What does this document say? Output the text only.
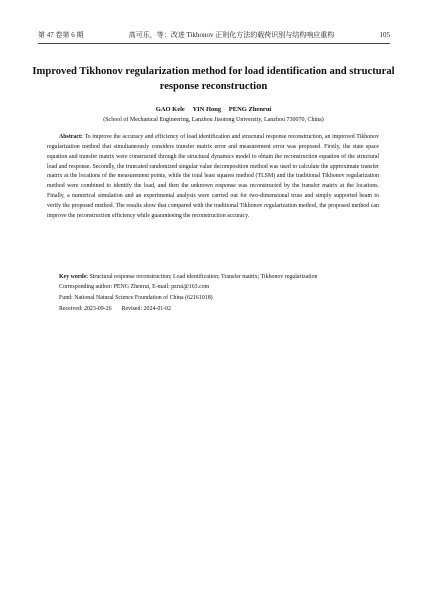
第 47 卷第 6 期	高可乐，等：改进 Tikhonov 正则化方法的载荷识别与结构响应重构	105
Improved Tikhonov regularization method for load identification and structural response reconstruction
GAO Kele YIN Hong PENG Zhenrui
(School of Mechanical Engineering, Lanzhou Jiaotong University, Lanzhou 730070, China)

Abstract: To improve the accuracy and efficiency of load identification and structural response reconstruction, an improved Tikhonov regularization method that simultaneously considers transfer matrix error and measurement error was proposed. Firstly, the state space equation and transfer matrix were constructed through the structural dynamics model to obtain the reconstruction equation of the structural load and response. Secondly, the truncated randomized singular value decomposition method was used to calculate the approximate transfer matrix at the locations of the measurement points, while the total least squares method (TLSM) and the traditional Tikhonov regularization method were combined to identify the load, and then the unknown response was reconstructed by the transfer matrix at the locations. Finally, a numerical simulation and an experimental analysis were carried out for two-dimensional truss and simply supported beam to verify the proposed method. The results show that compared with the traditional Tikhonov regularization method, the proposed method can improve the reconstruction efficiency while guaranteeing the reconstruction accuracy.

Key words: Structural response reconstruction; Load identification; Transfer matrix; Tikhonov regularization
Corresponding author: PENG Zhenrui, E-mail: pzrui@163.com
Fund: National Natural Science Foundation of China (62161018)
Received: 2023-09-26 Revised: 2024-01-02
